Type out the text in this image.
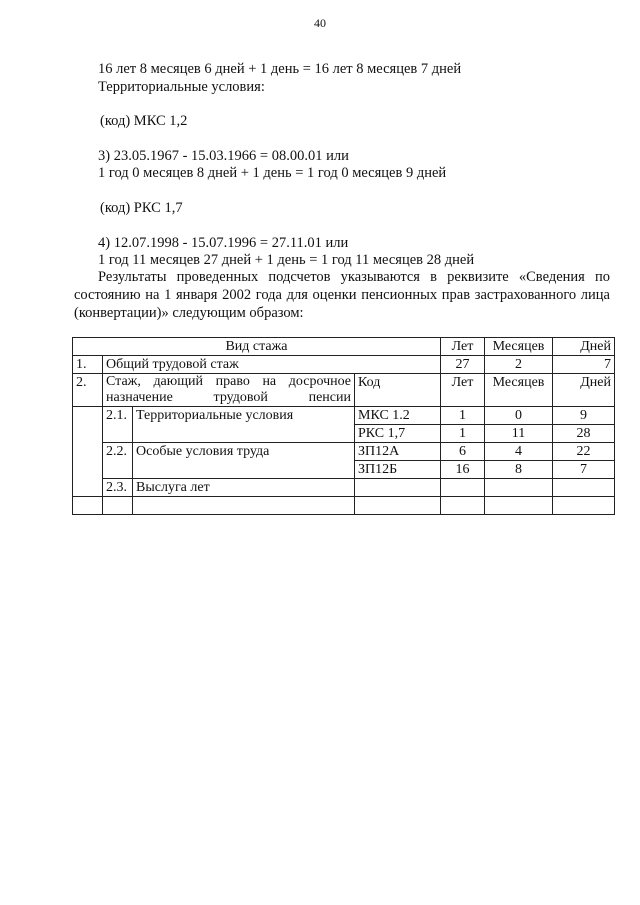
40
16 лет 8 месяцев 6 дней + 1 день = 16 лет 8 месяцев 7 дней
Территориальные условия:
(код) МКС 1,2
3) 23.05.1967 - 15.03.1966 = 08.00.01 или
1 год 0 месяцев 8 дней + 1 день = 1 год 0 месяцев 9 дней
(код) РКС 1,7
4) 12.07.1998 - 15.07.1996 = 27.11.01 или
1 год 11 месяцев 27 дней + 1 день = 1 год 11 месяцев 28 дней
Результаты проведенных подсчетов указываются в реквизите «Сведения по состоянию на 1 января 2002 года для оценки пенсионных прав застрахованного лица (конвертации)» следующим образом:
Вид стажа				Лет	Месяцев	Дней
1.	Общий трудовой стаж			27	2	7
2.	Стаж, дающий право на досрочное назначение трудовой пенсии		Код	Лет	Месяцев	Дней
	2.1.	Территориальные условия	МКС 1.2	1	0	9
			РКС 1,7	1	11	28
	2.2.	Особые условия труда	ЗП12А	6	4	22
			ЗП12Б	16	8	7
	2.3.	Выслуга лет				
